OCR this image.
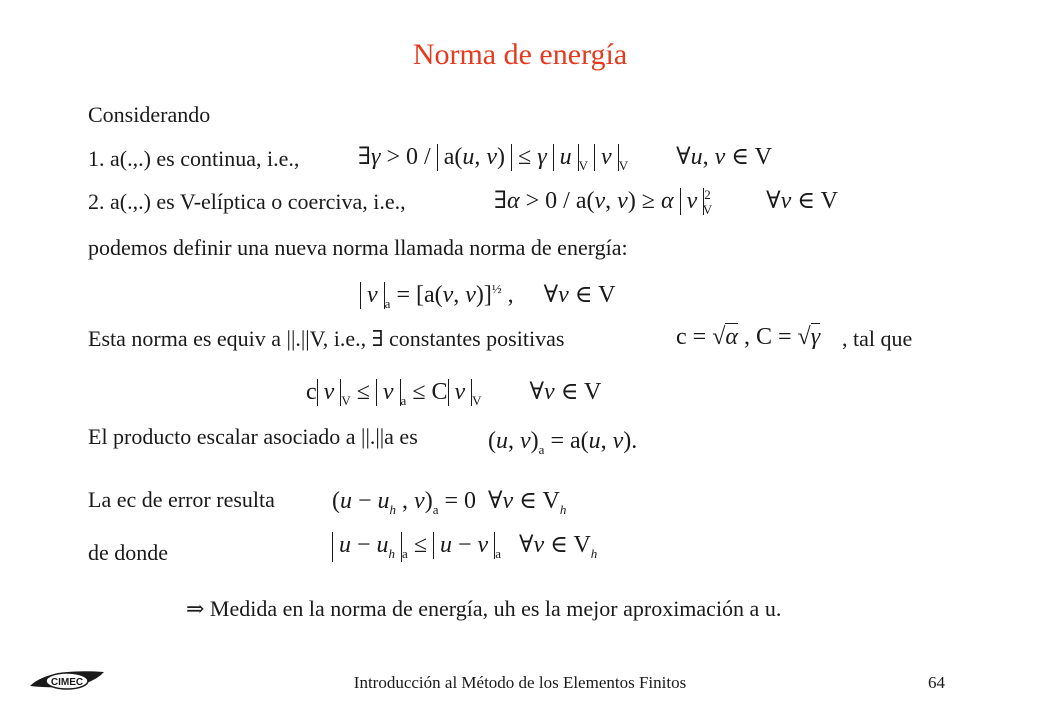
Norma de energía
Considerando
1. a(.,.) es continua, i.e., ∃γ > 0 /  a(u, v)  ≤ γ u $_V$ v $_V$        ∀u, v ∈ V
2. a(.,.) es V-elíptica o coerciva, i.e.,	∃α > 0 / a(v, v) ≥ α v $^2_V$         ∀v ∈ V
podemos definir una nueva norma llamada norma de energía:
v $_a$ = [a(v, v)]$^{\frac{1}{2}}$ ,     ∀v ∈ V
Esta norma es equiv a ||.||V, i.e., ∃ constantes positivas	c = √α , C = √γ , tal que
c v $_V$ ≤  v $_a$ ≤ C v $_V$        ∀v ∈ V
El producto escalar asociado a ||.||a es	(u, $v)_a = a(u$, v).
La ec de error resulta ($u - u_h$ , $v)_a = 0$  ∀v ∈ $V_h$
de donde	$u - u_h$ $_a$ ≤  u − v $_a$   ∀v ∈ $V_h$
⇒ Medida en la norma de energía, uh es la mejor aproximación a u.
CIMEC	Introducción al Método de los Elementos Finitos	64
